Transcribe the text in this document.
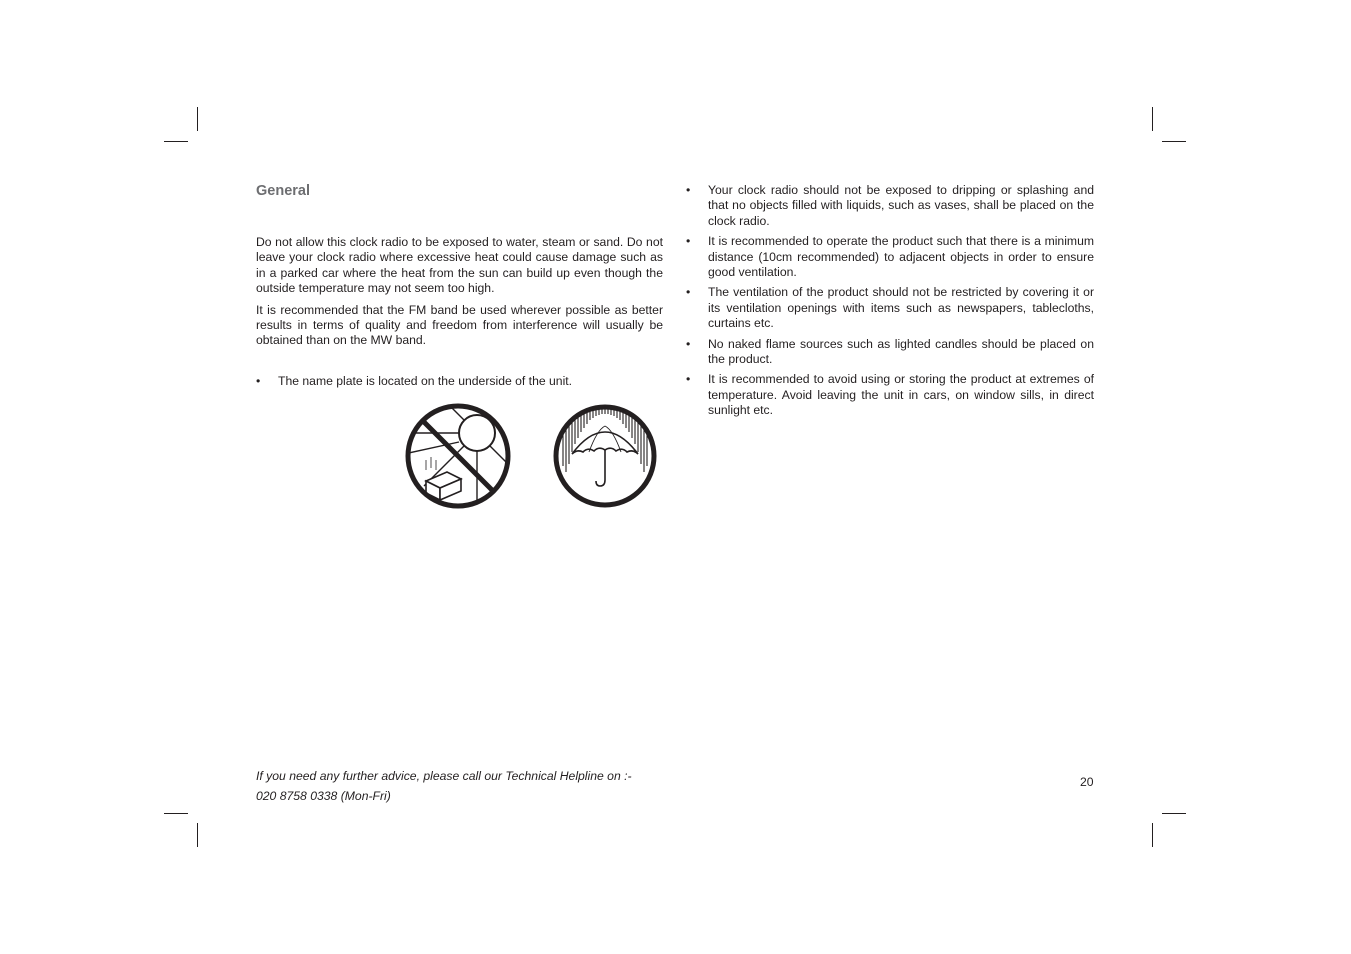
General

Do not allow this clock radio to be exposed to water, steam or sand. Do not leave your clock radio where excessive heat could cause damage such as in a parked car where the heat from the sun can build up even though the outside temperature may not seem too high.

It is recommended that the FM band be used wherever possible as better results in terms of quality and freedom from interference will usually be obtained than on the MW band.

•	The name plate is located on the underside of the unit.
•	Your clock radio should not be exposed to dripping or splashing and that no objects filled with liquids, such as vases, shall be placed on the clock radio.
•	It is recommended to operate the product such that there is a minimum distance (10cm recommended) to adjacent objects in order to ensure good ventilation.
•	The ventilation of the product should not be restricted by covering it or its ventilation openings with items such as newspapers, tablecloths, curtains etc.
•	No naked flame sources such as lighted candles should be placed on the product.
•	It is recommended to avoid using or storing the product at extremes of temperature. Avoid leaving the unit in cars, on window sills, in direct sunlight etc.
If you need any further advice, please call our Technical Helpline on :-
020 8758 0338 (Mon-Fri)
20
